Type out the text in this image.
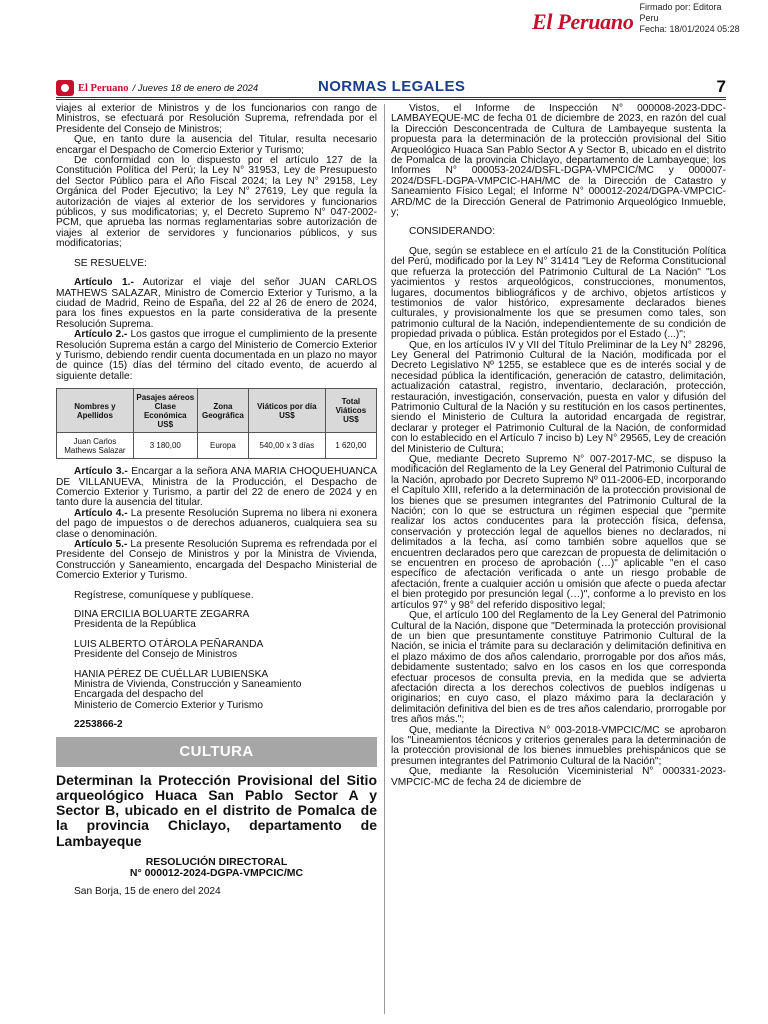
El Peruano
Firmado por: Editora
Peru
Fecha: 18/01/2024 05:28
El Peruano / Jueves 18 de enero de 2024	NORMAS LEGALES	7

viajes al exterior de Ministros y de los funcionarios con rango de Ministros, se efectuará por Resolución Suprema, refrendada por el Presidente del Consejo de Ministros;

Que, en tanto dure la ausencia del Titular, resulta necesario encargar el Despacho de Comercio Exterior y Turismo;

De conformidad con lo dispuesto por el artículo 127 de la Constitución Política del Perú; la Ley N° 31953, Ley de Presupuesto del Sector Público para el Año Fiscal 2024; la Ley N° 29158, Ley Orgánica del Poder Ejecutivo; la Ley N° 27619, Ley que regula la autorización de viajes al exterior de los servidores y funcionarios públicos, y sus modificatorias; y, el Decreto Supremo N° 047-2002-PCM, que aprueba las normas reglamentarias sobre autorización de viajes al exterior de servidores y funcionarios públicos, y sus modificatorias;

SE RESUELVE:

Artículo 1.- Autorizar el viaje del señor JUAN CARLOS MATHEWS SALAZAR, Ministro de Comercio Exterior y Turismo, a la ciudad de Madrid, Reino de España, del 22 al 26 de enero de 2024, para los fines expuestos en la parte considerativa de la presente Resolución Suprema.

Artículo 2.- Los gastos que irrogue el cumplimiento de la presente Resolución Suprema están a cargo del Ministerio de Comercio Exterior y Turismo, debiendo rendir cuenta documentada en un plazo no mayor de quince (15) días del término del citado evento, de acuerdo al siguiente detalle:

Nombres y Apellidos	Pasajes aéreos Clase Económica US$	Zona Geográfica	Viáticos por día US$	Total Viáticos US$
Juan Carlos Mathews Salazar	3 180,00	Europa	540,00 x 3 días	1 620,00

Artículo 3.- Encargar a la señora ANA MARIA CHOQUEHUANCA DE VILLANUEVA, Ministra de la Producción, el Despacho de Comercio Exterior y Turismo, a partir del 22 de enero de 2024 y en tanto dure la ausencia del titular.

Artículo 4.- La presente Resolución Suprema no libera ni exonera del pago de impuestos o de derechos aduaneros, cualquiera sea su clase o denominación.

Artículo 5.- La presente Resolución Suprema es refrendada por el Presidente del Consejo de Ministros y por la Ministra de Vivienda, Construcción y Saneamiento, encargada del Despacho Ministerial de Comercio Exterior y Turismo.

Regístrese, comuníquese y publíquese.

DINA ERCILIA BOLUARTE ZEGARRA

Presidenta de la República

LUIS ALBERTO OTÁROLA PEÑARANDA

Presidente del Consejo de Ministros

HANIA PÉREZ DE CUÉLLAR LUBIENSKA

Ministra de Vivienda, Construcción y Saneamiento

Encargada del despacho del

Ministerio de Comercio Exterior y Turismo

2253866-2

CULTURA
Determinan la Protección Provisional del Sitio arqueológico Huaca San Pablo Sector A y Sector B, ubicado en el distrito de Pomalca de la provincia Chiclayo, departamento de Lambayeque
RESOLUCIÓN DIRECTORAL
N° 000012-2024-DGPA-VMPCIC/MC

San Borja, 15 de enero del 2024

Vistos, el Informe de Inspección N° 000008-2023-DDC-LAMBAYEQUE-MC de fecha 01 de diciembre de 2023, en razón del cual la Dirección Desconcentrada de Cultura de Lambayeque sustenta la propuesta para la determinación de la protección provisional del Sitio Arqueológico Huaca San Pablo Sector A y Sector B, ubicado en el distrito de Pomalca de la provincia Chiclayo, departamento de Lambayeque; los Informes N° 000053-2024/DSFL-DGPA-VMPCIC/MC y 000007-2024/DSFL-DGPA-VMPCIC-HAH/MC de la Dirección de Catastro y Saneamiento Físico Legal; el Informe N° 000012-2024/DGPA-VMPCIC-ARD/MC de la Dirección General de Patrimonio Arqueológico Inmueble, y;

CONSIDERANDO:

Que, según se establece en el artículo 21 de la Constitución Política del Perú, modificado por la Ley N° 31414 "Ley de Reforma Constitucional que refuerza la protección del Patrimonio Cultural de La Nación" "Los yacimientos y restos arqueológicos, construcciones, monumentos, lugares, documentos bibliográficos y de archivo, objetos artísticos y testimonios de valor histórico, expresamente declarados bienes culturales, y provisionalmente los que se presumen como tales, son patrimonio cultural de la Nación, independientemente de su condición de propiedad privada o pública. Están protegidos por el Estado (...)";

Que, en los artículos IV y VII del Título Preliminar de la Ley N° 28296, Ley General del Patrimonio Cultural de la Nación, modificada por el Decreto Legislativo Nº 1255, se establece que es de interés social y de necesidad pública la identificación, generación de catastro, delimitación, actualización catastral, registro, inventario, declaración, protección, restauración, investigación, conservación, puesta en valor y difusión del Patrimonio Cultural de la Nación y su restitución en los casos pertinentes, siendo el Ministerio de Cultura la autoridad encargada de registrar, declarar y proteger el Patrimonio Cultural de la Nación, de conformidad con lo establecido en el Artículo 7 inciso b) Ley N° 29565, Ley de creación del Ministerio de Cultura;

Que, mediante Decreto Supremo N° 007-2017-MC, se dispuso la modificación del Reglamento de la Ley General del Patrimonio Cultural de la Nación, aprobado por Decreto Supremo Nº 011-2006-ED, incorporando el Capítulo XIII, referido a la determinación de la protección provisional de los bienes que se presumen integrantes del Patrimonio Cultural de la Nación; con lo que se estructura un régimen especial que "permite realizar los actos conducentes para la protección física, defensa, conservación y protección legal de aquellos bienes no declarados, ni delimitados a la fecha, así como también sobre aquellos que se encuentren declarados pero que carezcan de propuesta de delimitación o se encuentren en proceso de aprobación (…)" aplicable "en el caso específico de afectación verificada o ante un riesgo probable de afectación, frente a cualquier acción u omisión que afecte o pueda afectar el bien protegido por presunción legal (…)", conforme a lo previsto en los artículos 97° y 98° del referido dispositivo legal;

Que, el artículo 100 del Reglamento de la Ley General del Patrimonio Cultural de la Nación, dispone que "Determinada la protección provisional de un bien que presuntamente constituye Patrimonio Cultural de la Nación, se inicia el trámite para su declaración y delimitación definitiva en el plazo máximo de dos años calendario, prorrogable por dos años más, debidamente sustentado; salvo en los casos en los que corresponda efectuar procesos de consulta previa, en la medida que se advierta afectación directa a los derechos colectivos de pueblos indígenas u originarios; en cuyo caso, el plazo máximo para la declaración y delimitación definitiva del bien es de tres años calendario, prorrogable por tres años más.";

Que, mediante la Directiva N° 003-2018-VMPCIC/MC se aprobaron los "Lineamientos técnicos y criterios generales para la determinación de la protección provisional de los bienes inmuebles prehispánicos que se presumen integrantes del Patrimonio Cultural de la Nación";

Que, mediante la Resolución Viceministerial N° 000331-2023-VMPCIC-MC de fecha 24 de diciembre de
